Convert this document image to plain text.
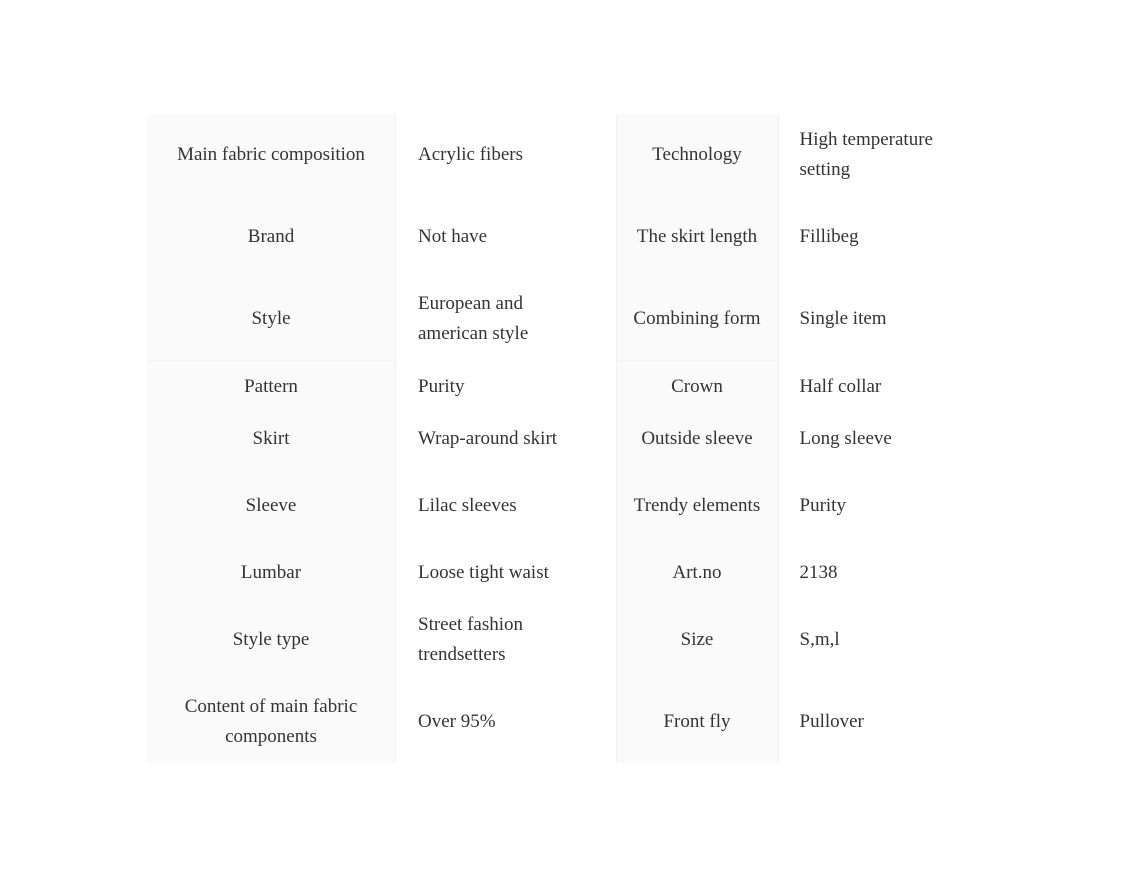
Main fabric composition	Acrylic fibers		Technology	High temperature setting
Brand	Not have		The skirt length	Fillibeg
Style	European and american style		Combining form	Single item
Pattern	Purity		Crown	Half collar
Skirt	Wrap-around skirt		Outside sleeve	Long sleeve
Sleeve	Lilac sleeves		Trendy elements	Purity
Lumbar	Loose tight waist		Art.no	2138
Style type	Street fashion trendsetters		Size	S,m,l
Content of main fabric components	Over 95%		Front fly	Pullover
